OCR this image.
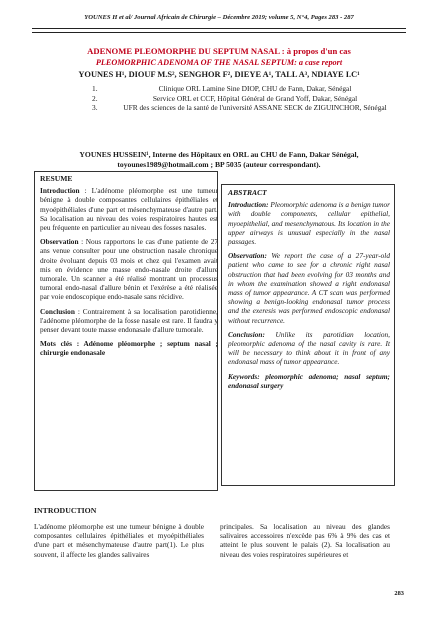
YOUNES H et al/ Journal Africain de Chirurgie – Décembre 2019; volume 5, N°4, Pages 283 - 287
ADENOME PLEOMORPHE DU SEPTUM NASAL : à propos d'un cas
PLEOMORPHIC ADENOMA OF THE NASAL SEPTUM: a case report
YOUNES H¹, DIOUF M.S², SENGHOR F², DIEYE A¹, TALL A³, NDIAYE I.C¹
1.	Clinique ORL Lamine Sine DIOP, CHU de Fann, Dakar, Sénégal
2.	Service ORL et CCF, Hôpital Général de Grand Yoff, Dakar, Sénégal
3.	UFR des sciences de la santé de l'université ASSANE SECK de ZIGUINCHOR, Sénégal
YOUNES HUSSEIN¹, Interne des Hôpitaux en ORL au CHU de Fann, Dakar Sénégal,
toyounes1989@hotmail.com ; BP 5035 (auteur correspondant).
RESUME

Introduction : L'adénome pléomorphe est une tumeur bénigne à double composantes cellulaires épithéliales et myoépithéliales d'une part et mésenchymateuse d'autre part. Sa localisation au niveau des voies respiratoires hautes est peu fréquente en particulier au niveau des fosses nasales.

Observation : Nous rapportons le cas d'une patiente de 27 ans venue consulter pour une obstruction nasale chronique droite évoluant depuis 03 mois et chez qui l'examen avait mis en évidence une masse endo-nasale droite d'allure tumorale. Un scanner a été réalisé montrant un processus tumoral endo-nasal d'allure bénin et l'exérèse a été réalisée par voie endoscopique endo-nasale sans récidive.

Conclusion : Contrairement à sa localisation parotidienne, l'adénome pléomorphe de la fosse nasale est rare. Il faudra y penser devant toute masse endonasale d'allure tumorale.

Mots clés : Adénome pléomorphe ; septum nasal ; chirurgie endonasale

ABSTRACT

Introduction: Pleomorphic adenoma is a benign tumor with double components, cellular epithelial, myoepithelial, and mesenchymatous. Its location in the upper airways is unusual especially in the nasal passages.

Observation: We report the case of a 27-year-old patient who came to see for a chronic right nasal obstruction that had been evolving for 03 months and in whom the examination showed a right endonasal mass of tumor appearance. A CT scan was performed showing a benign-looking endonasal tumor process and the exeresis was performed endoscopic endonasal without recurrence.

Conclusion: Unlike its parotidian location, pleomorphic adenoma of the nasal cavity is rare. It will be necessary to think about it in front of any endonasal mass of tumor appearance.

Keywords: pleomorphic adenoma; nasal septum; endonasal surgery

INTRODUCTION
L'adénome pléomorphe est une tumeur bénigne à double composantes cellulaires épithéliales et myoépithéliales d'une part et mésenchymateuse d'autre part(1). Le plus souvent, il affecte les glandes salivaires
principales. Sa localisation au niveau des glandes salivaires accessoires n'excède pas 6% à 9% des cas et atteint le plus souvent le palais (2). Sa localisation au niveau des voies respiratoires supérieures et
283
